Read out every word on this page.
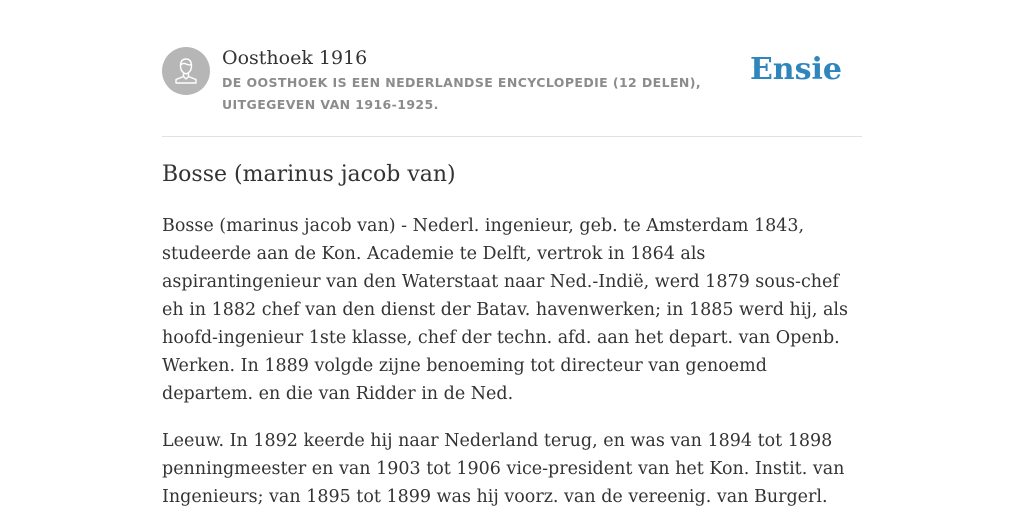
Oosthoek 1916
DE OOSTHOEK IS EEN NEDERLANDSE ENCYCLOPEDIE (12 DELEN), UITGEGEVEN VAN 1916-1925.
Ensie
Bosse (marinus jacob van)

Bosse (marinus jacob van) - Nederl. ingenieur, geb. te Amsterdam 1843, studeerde aan de Kon. Academie te Delft, vertrok in 1864 als aspirantingenieur van den Waterstaat naar Ned.-Indië, werd 1879 sous-chef eh in 1882 chef van den dienst der Batav. havenwerken; in 1885 werd hij, als hoofd-ingenieur 1ste klasse, chef der techn. afd. aan het depart. van Openb. Werken. In 1889 volgde zijne benoeming tot directeur van genoemd departem. en die van Ridder in de Ned.

Leeuw. In 1892 keerde hij naar Nederland terug, en was van 1894 tot 1898 penningmeester en van 1903 tot 1906 vice-president van het Kon. Instit. van Ingenieurs; van 1895 tot 1899 was hij voorz. van de vereenig. van Burgerl.
